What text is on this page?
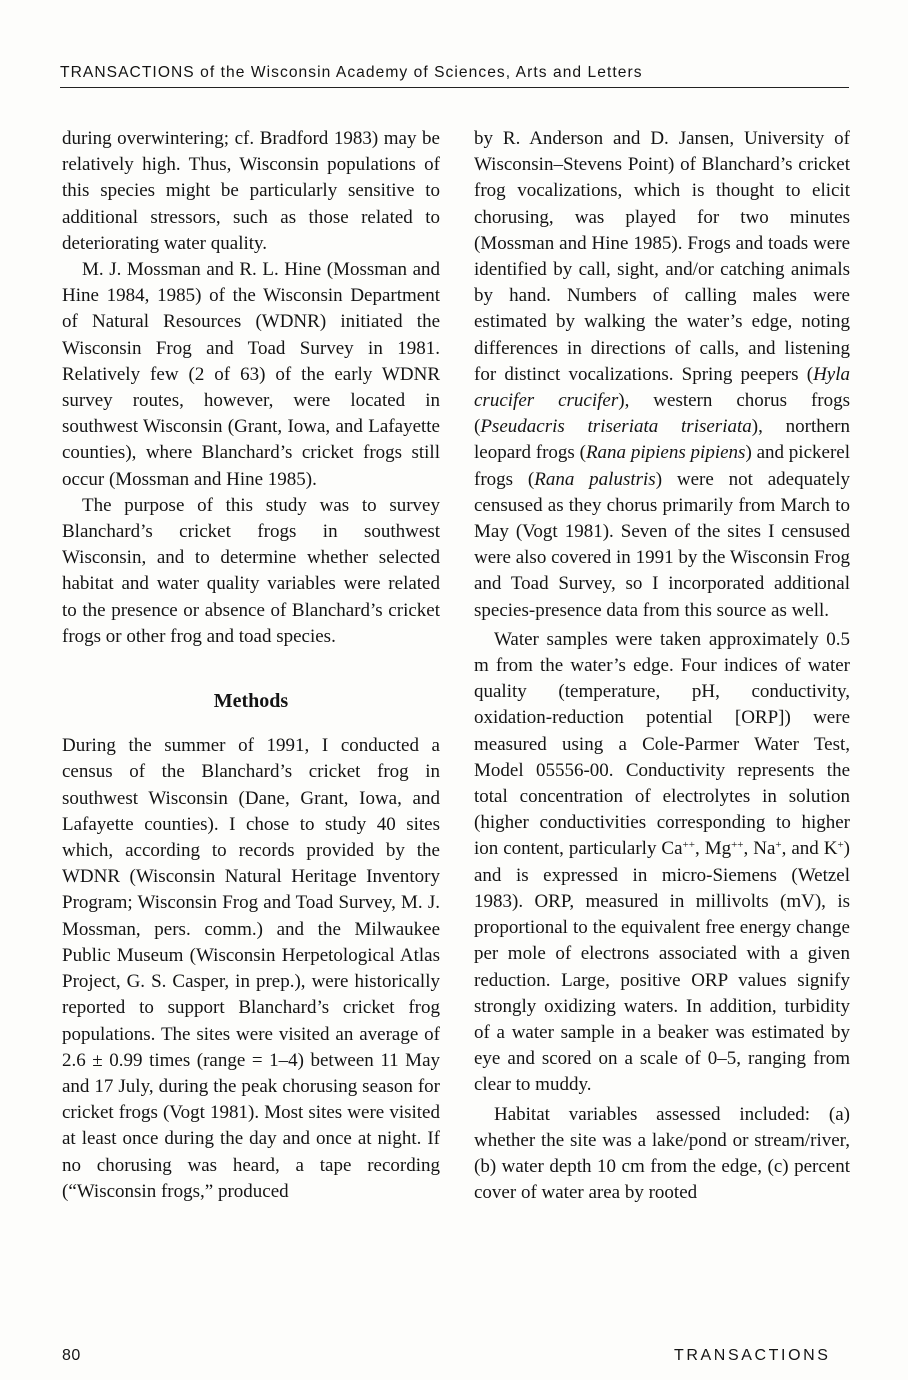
TRANSACTIONS of the Wisconsin Academy of Sciences, Arts and Letters

during overwintering; cf. Bradford 1983) may be relatively high. Thus, Wisconsin populations of this species might be particularly sensitive to additional stressors, such as those related to deteriorating water quality.

M. J. Mossman and R. L. Hine (Mossman and Hine 1984, 1985) of the Wisconsin Department of Natural Resources (WDNR) initiated the Wisconsin Frog and Toad Survey in 1981. Relatively few (2 of 63) of the early WDNR survey routes, however, were located in southwest Wisconsin (Grant, Iowa, and Lafayette counties), where Blanchard’s cricket frogs still occur (Mossman and Hine 1985).

The purpose of this study was to survey Blanchard’s cricket frogs in southwest Wisconsin, and to determine whether selected habitat and water quality variables were related to the presence or absence of Blanchard’s cricket frogs or other frog and toad species.

Methods

During the summer of 1991, I conducted a census of the Blanchard’s cricket frog in southwest Wisconsin (Dane, Grant, Iowa, and Lafayette counties). I chose to study 40 sites which, according to records provided by the WDNR (Wisconsin Natural Heritage Inventory Program; Wisconsin Frog and Toad Survey, M. J. Mossman, pers. comm.) and the Milwaukee Public Museum (Wisconsin Herpetological Atlas Project, G. S. Casper, in prep.), were historically reported to support Blanchard’s cricket frog populations. The sites were visited an average of 2.6 ± 0.99 times (range = 1–4) between 11 May and 17 July, during the peak chorusing season for cricket frogs (Vogt 1981). Most sites were visited at least once during the day and once at night. If no chorusing was heard, a tape recording (“Wisconsin frogs,” produced

by R. Anderson and D. Jansen, University of Wisconsin–Stevens Point) of Blanchard’s cricket frog vocalizations, which is thought to elicit chorusing, was played for two minutes (Mossman and Hine 1985). Frogs and toads were identified by call, sight, and/or catching animals by hand. Numbers of calling males were estimated by walking the water’s edge, noting differences in directions of calls, and listening for distinct vocalizations. Spring peepers (Hyla crucifer crucifer), western chorus frogs (Pseudacris triseriata triseriata), northern leopard frogs (Rana pipiens pipiens) and pickerel frogs (Rana palustris) were not adequately censused as they chorus primarily from March to May (Vogt 1981). Seven of the sites I censused were also covered in 1991 by the Wisconsin Frog and Toad Survey, so I incorporated additional species-presence data from this source as well.

Water samples were taken approximately 0.5 m from the water’s edge. Four indices of water quality (temperature, pH, conductivity, oxidation-reduction potential [ORP]) were measured using a Cole-Parmer Water Test, Model 05556-00. Conductivity represents the total concentration of electrolytes in solution (higher conductivities corresponding to higher ion content, particularly Ca++, Mg++, Na+, and K+) and is expressed in micro-Siemens (Wetzel 1983). ORP, measured in millivolts (mV), is proportional to the equivalent free energy change per mole of electrons associated with a given reduction. Large, positive ORP values signify strongly oxidizing waters. In addition, turbidity of a water sample in a beaker was estimated by eye and scored on a scale of 0–5, ranging from clear to muddy.

Habitat variables assessed included: (a) whether the site was a lake/pond or stream/river, (b) water depth 10 cm from the edge, (c) percent cover of water area by rooted

80	TRANSACTIONS
